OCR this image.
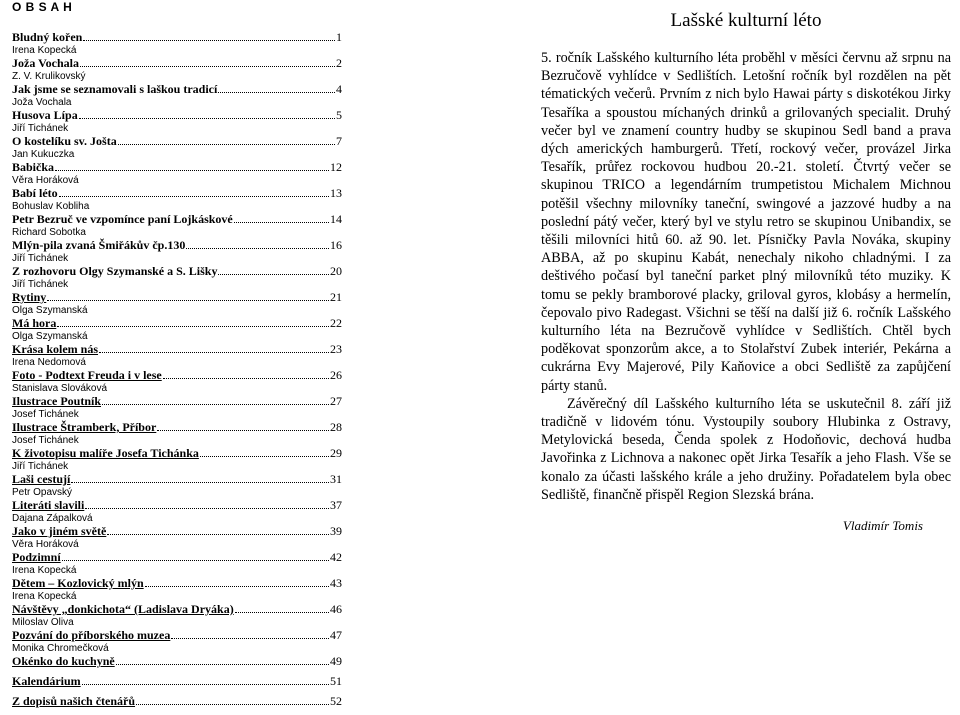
O B S A H
Bludný kořen	1
Irena Kopecká
Joža Vochala	2
Z. V. Krulikovský
Jak jsme se seznamovali s laškou tradicí	4
Joža Vochala
Husova Lípa	5
Jiří Tichánek
O kostelíku sv. Jošta	7
Jan Kukuczka
Babička	12
Věra Horáková
Babí léto	13
Bohuslav Kobliha
Petr Bezruč ve vzpomínce paní Lojkáskové	14
Richard Sobotka
Mlýn-pila zvaná Šmiřákův čp.130	16
Jiří Tichánek
Z rozhovoru Olgy Szymanské a S. Lišky	20
Jiří Tichánek
Rytiny	21
Olga Szymanská
Má hora	22
Olga Szymanská
Krása kolem nás	23
Irena Nedomová
Foto - Podtext Freuda i v lese	26
Stanislava Slováková
Ilustrace Poutník	27
Josef Tichánek
Ilustrace Štramberk, Příbor	28
Josef Tichánek
K životopisu malíře Josefa Tichánka	29
Jiří Tichánek
Laši cestují	31
Petr Opavský
Literáti slavili	37
Dajana Zápalková
Jako v jiném světě	39
Věra Horáková
Podzimní	42
Irena Kopecká
Dětem – Kozlovický mlýn	43
Irena Kopecká
Návštěvy „donkichota“ (Ladislava Dryáka)	46
Miloslav Oliva
Pozvání do příborského muzea	47
Monika Chromečková
Okénko do kuchyně	49
Kalendárium	51
Z dopisů našich čtenářů	52
Lašské kulturní léto

5. ročník Lašského kulturního léta proběhl v měsíci červnu až srpnu na Bezručově vyhlídce v Sedlištích. Letošní ročník byl rozdělen na pět tématických večerů. Prvním z nich bylo Hawai párty s diskotékou Jirky Tesaříka a spoustou míchaných drinků a grilovaných specialit. Druhý večer byl ve znamení country hudby se skupinou Sedl band a prava dých amerických hamburgerů. Třetí, rockový večer, provázel Jirka Tesařík, průřez rockovou hudbou 20.-21. století. Čtvrtý večer se skupinou TRICO a legendárním trumpetistou Michalem Michnou potěšil všechny milovníky taneční, swingové a jazzové hudby a na poslední pátý večer, který byl ve stylu retro se skupinou Unibandix, se těšili milovníci hitů 60. až 90. let. Písničky Pavla Nováka, skupiny ABBA, až po skupinu Kabát, nenechaly nikoho chladnými. I za deštivého počasí byl taneční parket plný milovníků této muziky. K tomu se pekly bramborové placky, griloval gyros, klobásy a hermelín, čepovalo pivo Radegast. Všichni se těší na další již 6. ročník Lašského kulturního léta na Bezručově vyhlídce v Sedlištích. Chtěl bych poděkovat sponzorům akce, a to Stolařství Zubek interiér, Pekárna a cukrárna Evy Majerové, Pily Kaňovice a obci Sedliště za zapůjčení párty stanů.

Závěrečný díl Lašského kulturního léta se uskutečnil 8. září již tradičně v lidovém tónu. Vystoupily soubory Hlubinka z Ostravy, Metylovická beseda, Čenda spolek z Hodoňovic, dechová hudba Javořinka z Lichnova a nakonec opět Jirka Tesařík a jeho Flash. Vše se konalo za účasti lašského krále a jeho družiny. Pořadatelem byla obec Sedliště, finančně přispěl Region Slezská brána.

Vladimír Tomis
